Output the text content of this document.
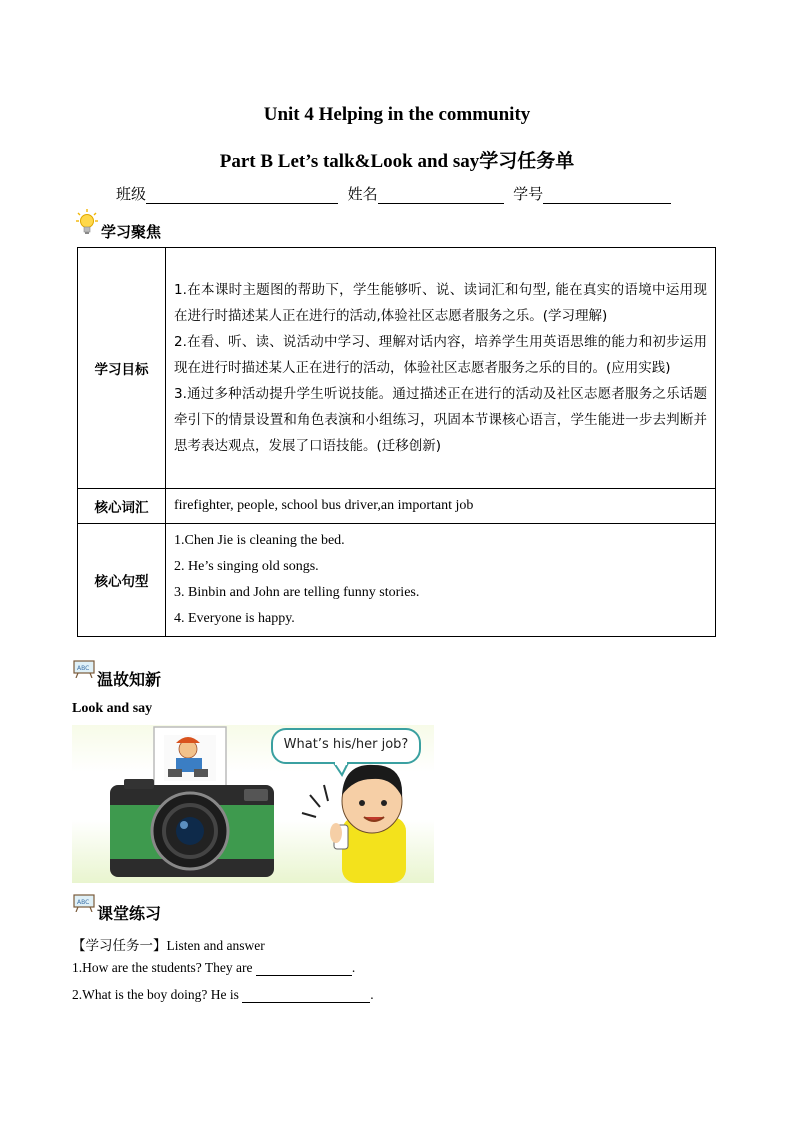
Unit 4 Helping in the community
Part B Let’s talk&Look and say学习任务单
班级	姓名	学号
学习聚焦
学习目标	1.在本课时主题图的帮助下，学生能够听、说、读词汇和句型, 能在真实的语境中运用现在进行时描述某人正在进行的活动,体验社区志愿者服务之乐。(学习理解)
2.在看、听、读、说活动中学习、理解对话内容，培养学生用英语思维的能力和初步运用现在进行时描述某人正在进行的活动，体验社区志愿者服务之乐的目的。(应用实践)
3.通过多种活动提升学生听说技能。通过描述正在进行的活动及社区志愿者服务之乐话题牵引下的情景设置和角色表演和小组练习，巩固本节课核心语言，学生能进一步去判断并思考表达观点，发展了口语技能。(迁移创新)

核心词汇	firefighter, people, school bus driver,an important job
核心句型	1.Chen Jie is cleaning the bed.
2. He’s singing old songs.
3. Binbin and John are telling funny stories.
4. Everyone is happy.
ABC
温故知新
Look and say
What’s his/her job?
ABC
课堂练习
【学习任务一】Listen and answer
1.How are the students? They are	.
2.What is the boy doing? He is	.
